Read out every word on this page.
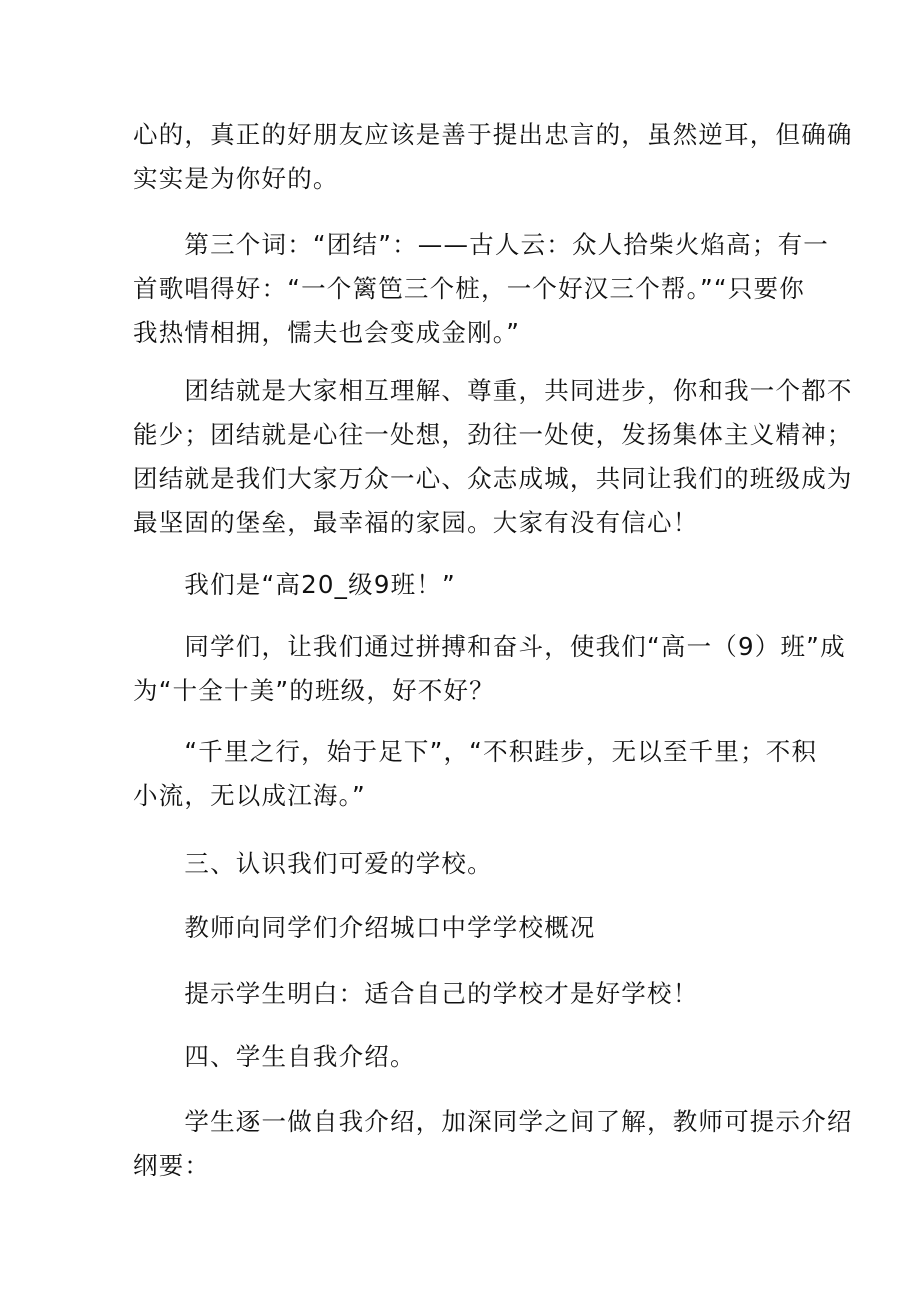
心的，真正的好朋友应该是善于提出忠言的，虽然逆耳，但确确
实实是为你好的。
　　第三个词：“团结”：——古人云：众人拾柴火焰高；有一
首歌唱得好：“一个篱笆三个桩，一个好汉三个帮。”“只要你
我热情相拥，懦夫也会变成金刚。”
　　团结就是大家相互理解、尊重，共同进步，你和我一个都不
能少；团结就是心往一处想，劲往一处使，发扬集体主义精神；
团结就是我们大家万众一心、众志成城，共同让我们的班级成为
最坚固的堡垒，最幸福的家园。大家有没有信心！
　　我们是“高20_级9班！”
　　同学们，让我们通过拼搏和奋斗，使我们“高一（9）班”成
为“十全十美”的班级，好不好？
　　“千里之行，始于足下”，“不积跬步，无以至千里；不积
小流，无以成江海。”
　　三、认识我们可爱的学校。
　　教师向同学们介绍城口中学学校概况
　　提示学生明白：适合自己的学校才是好学校！
　　四、学生自我介绍。
　　学生逐一做自我介绍，加深同学之间了解，教师可提示介绍
纲要：
